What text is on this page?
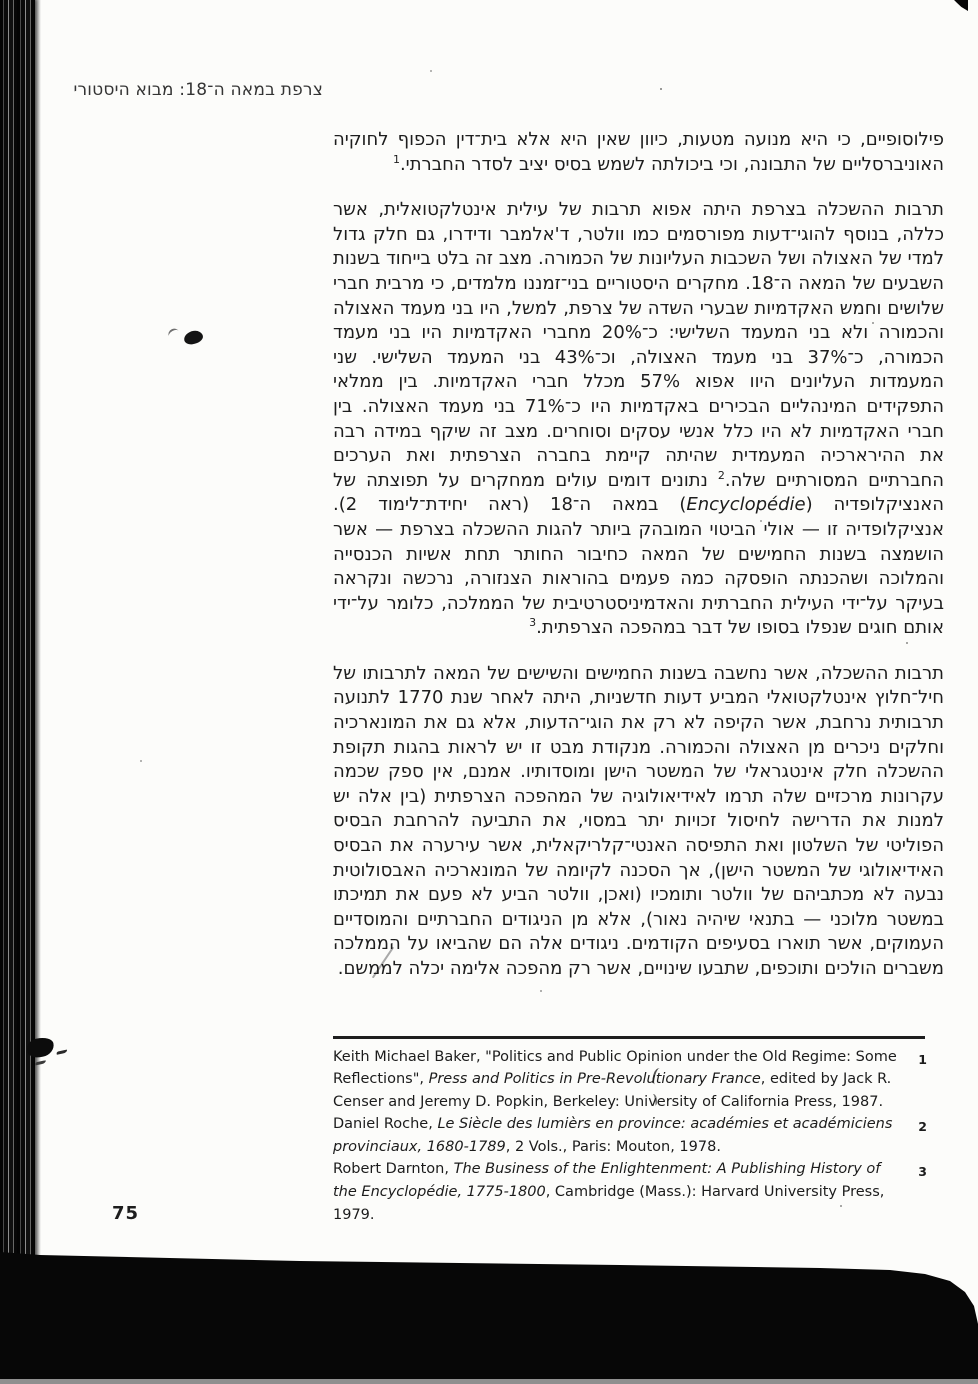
צרפת במאה ה־18: מבוא היסטורי

פילוסופיים, כי היא מנועה מטעות, כיוון שאין היא אלא בית־דין הכפוף לחוקיה האוניברסליים של התבונה, וכי ביכולתה לשמש בסיס יציב לסדר החברתי.$^1$

תרבות ההשכלה בצרפת היתה אפוא תרבות של עילית אינטלקטואלית, אשר כללה, בנוסף להוגי־דעות מפורסמים כמו וולטר, ד'אלמבר ודידרו, גם חלק גדול למדי של האצולה ושל השכבות העליונות של הכמורה. מצב זה בלט בייחוד בשנות השבעים של המאה ה־18. מחקרים היסטוריים בני־זמננו מלמדים, כי מרבית חברי שלושים וחמש האקדמיות שבערי השדה של צרפת, למשל, היו בני מעמד האצולה והכמורה ולא בני המעמד השלישי: כ־20% מחברי האקדמיות היו בני מעמד הכמורה, כ־37% בני מעמד האצולה, וכ־43% בני המעמד השלישי. שני המעמדות העליונים היוו אפוא 57% מכלל חברי האקדמיות. בין ממלאי התפקידים המינהליים הבכירים באקדמיות היו כ־71% בני מעמד האצולה. בין חברי האקדמיות לא היו כלל אנשי עסקים וסוחרים. מצב זה שיקף במידה רבה את ההירארכיה המעמדית שהיתה קיימת בחברה הצרפתית ואת הערכים החברתיים המסורתיים שלה.$^2$ נתונים דומים עולים ממחקרים על תפוצתה של האנציקלופדיה (Encyclopédie) במאה ה־18 (ראה יחידת־לימוד 2). אנציקלופדיה זו — אולי הביטוי המובהק ביותר להגות ההשכלה בצרפת — אשר הושמצה בשנות החמישים של המאה כחיבור החותר תחת אשיות הכנסייה והמלוכה ושהכנתה הופסקה כמה פעמים בהוראות הצנזורה, נרכשה ונקראה בעיקר על־ידי העילית החברתית והאדמיניסטרטיבית של הממלכה, כלומר על־ידי אותם חוגים שנפלו בסופו של דבר במהפכה הצרפתית.$^3$

תרבות ההשכלה, אשר נחשבה בשנות החמישים והשישים של המאה לתרבותו של חיל־חלוץ אינטלקטואלי המביע דעות חדשניות, היתה לאחר שנת 1770 לתנועה תרבותית נרחבת, אשר הקיפה לא רק את הוגי־הדעות, אלא גם את המונארכיה וחלקים ניכרים מן האצולה והכמורה. מנקודת מבט זו יש לראות בהגות תקופת ההשכלה חלק אינטגראלי של המשטר הישן ומוסדותיו. אמנם, אין ספק שכמה עקרונות מרכזיים שלה תרמו לאידיאולוגיה של המהפכה הצרפתית (בין אלה יש למנות את הדרישה לחיסול זכויות יתר במסוי, את התביעה להרחבת הבסיס הפוליטי של השלטון ואת התפיסה האנטי־קלריקאלית, אשר עירערה את הבסיס האידיאולוגי של המשטר הישן), אך הסכנה לקיומה של המונארכיה האבסולוטית נבעה לא מכתביהם של וולטר ותומכיו (ואכן, וולטר הביע לא פעם את תמיכתו במשטר מלוכני — בתנאי שיהיה נאור), אלא מן הניגודים החברתיים והמוסדיים העמוקים, אשר תוארו בסעיפים הקודמים. ניגודים אלה הם שהביאו על הממלכה משברים הולכים ותוכפים, שתבעו שינויים, אשר רק מהפכה אלימה יכלה לממשם.

Keith Michael Baker, "Politics and Public Opinion under the Old Regime: Some Reflections", Press and Politics in Pre-Revolutionary France, edited by Jack R. Censer and Jeremy D. Popkin, Berkeley: University of California Press, 1987.
1
Daniel Roche, Le Siècle des lumièrs en province: académies et académiciens provinciaux, 1680-1789, 2 Vols., Paris: Mouton, 1978.
2
Robert Darnton, The Business of the Enlightenment: A Publishing History of the Encyclopédie, 1775-1800, Cambridge (Mass.): Harvard University Press, 1979.
3
75
